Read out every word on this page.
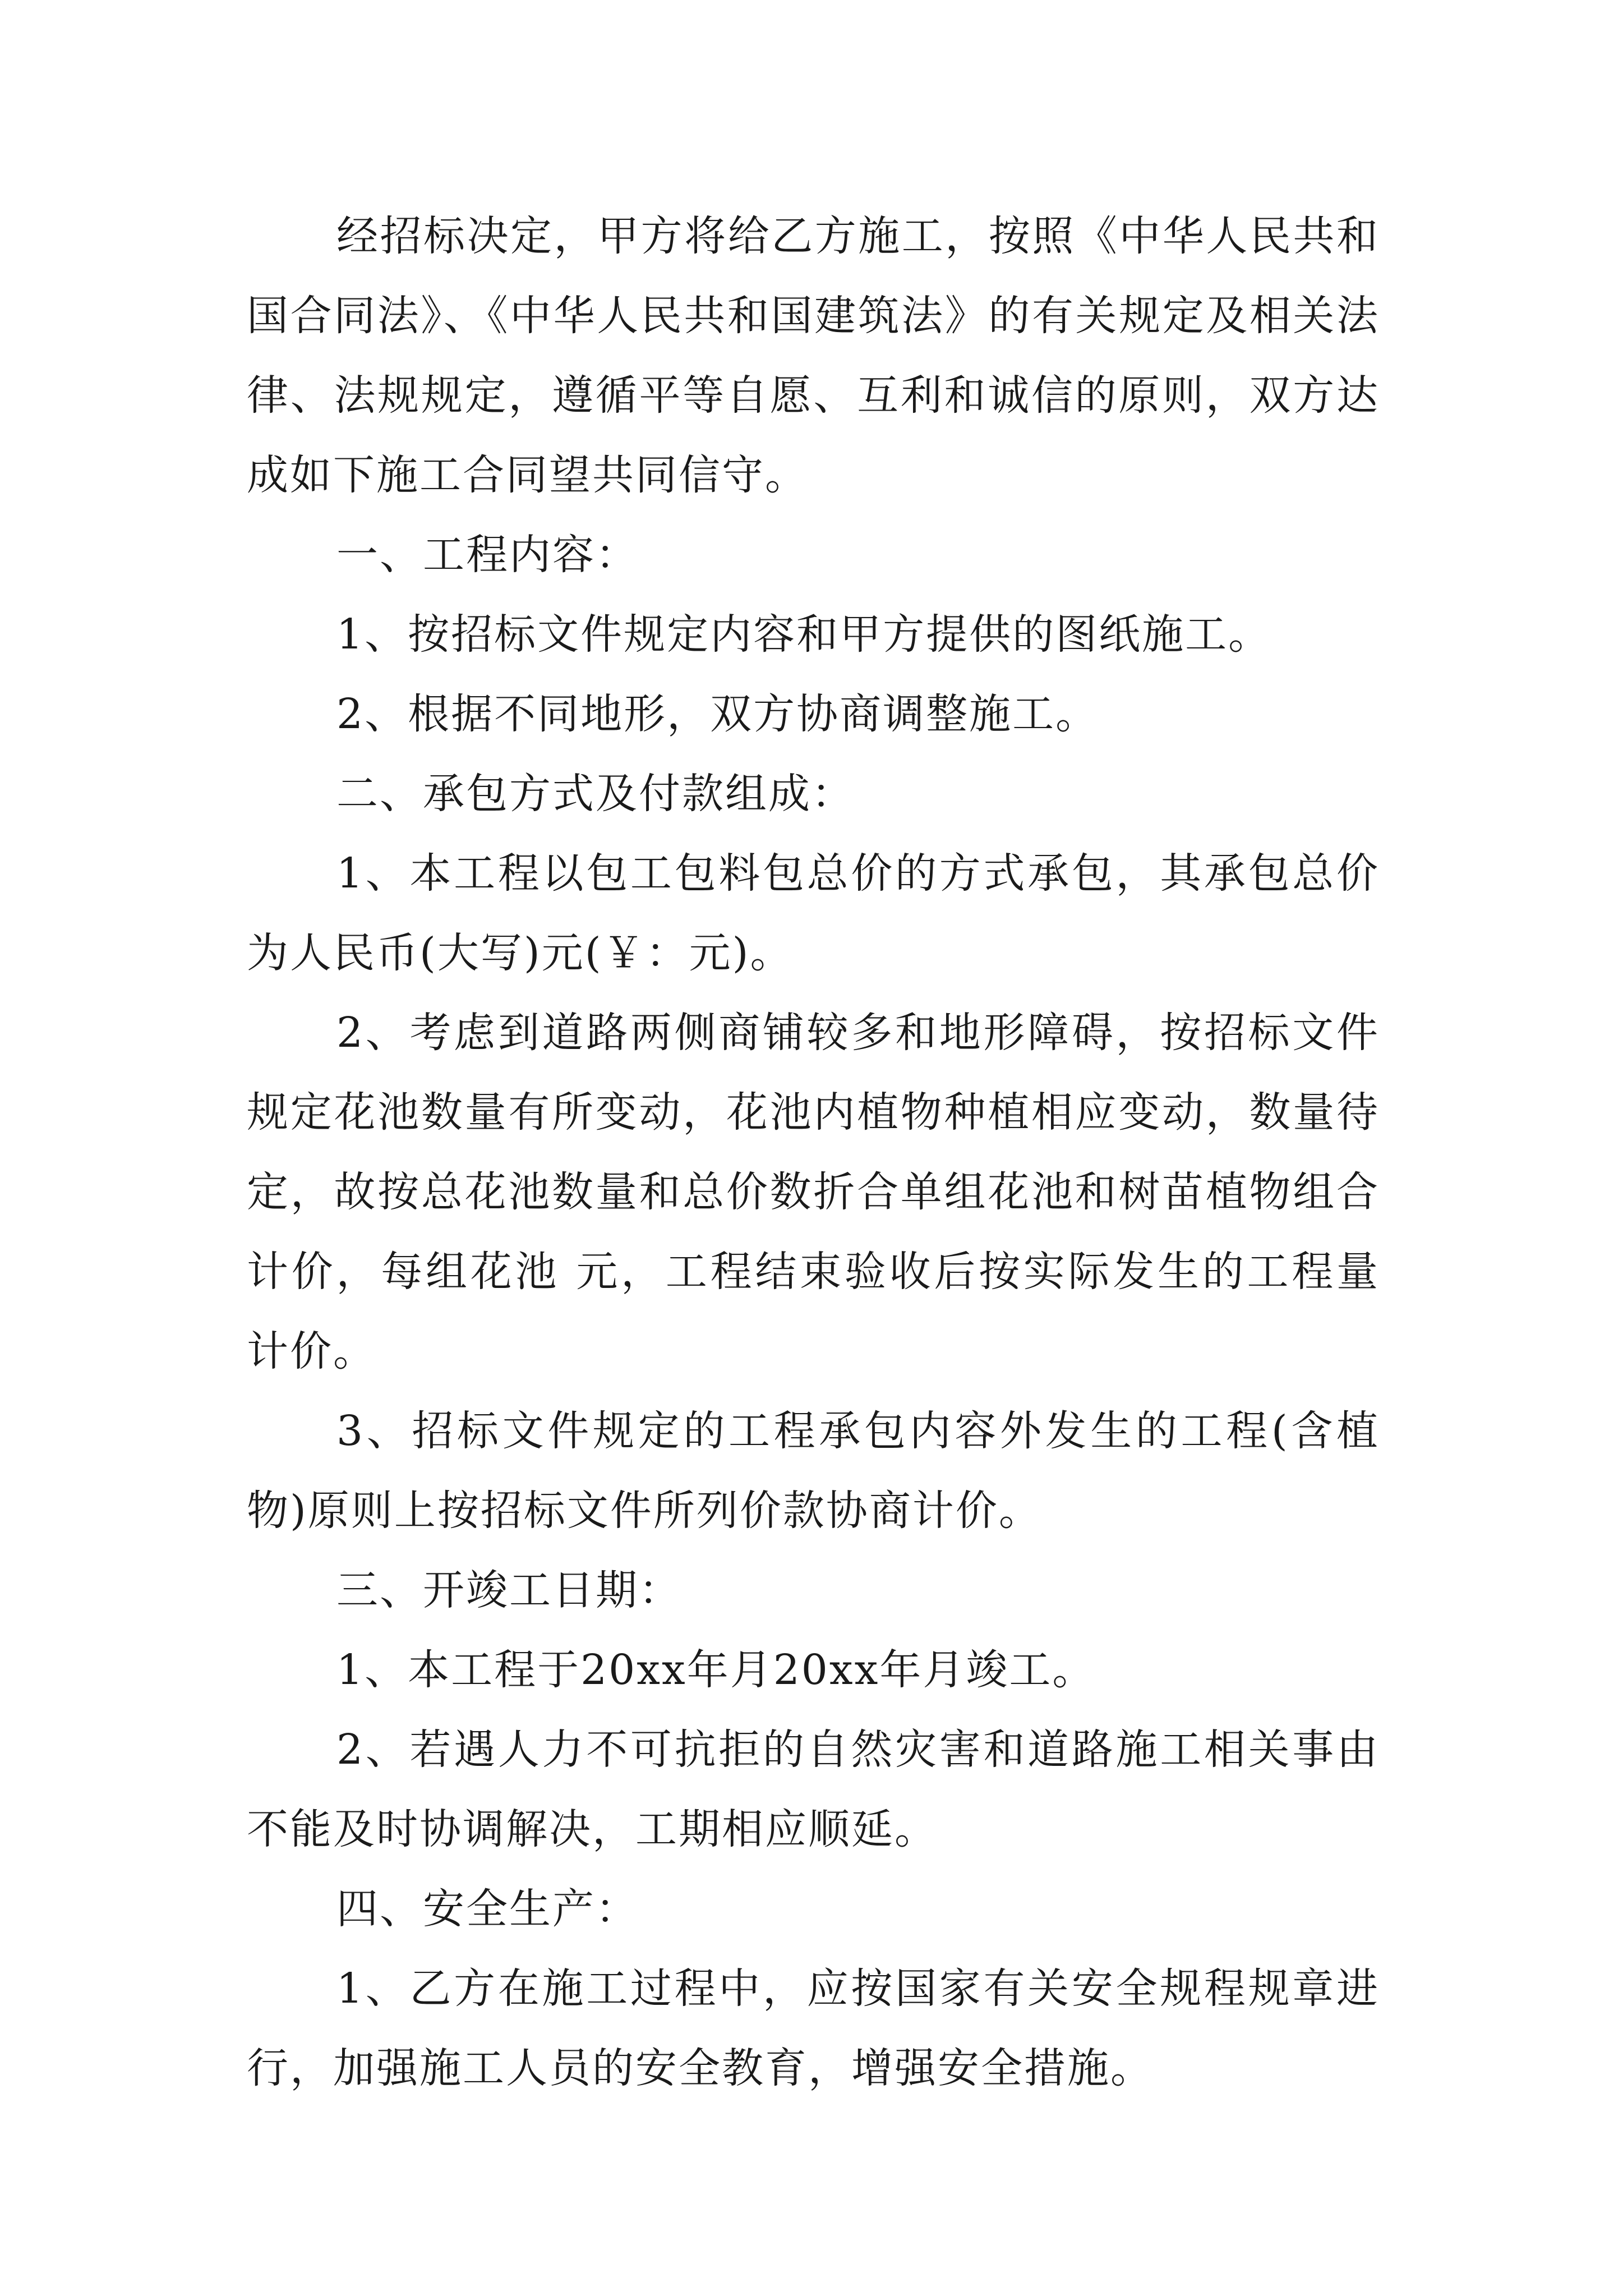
经招标决定，甲方将给乙方施工，按照《中华人民共和国合同法》、《中华人民共和国建筑法》的有关规定及相关法律、法规规定，遵循平等自愿、互利和诚信的原则，双方达成如下施工合同望共同信守。

一、工程内容：

1、按招标文件规定内容和甲方提供的图纸施工。

2、根据不同地形，双方协商调整施工。

二、承包方式及付款组成：

1、本工程以包工包料包总价的方式承包，其承包总价为人民币(大写)元(￥：元)。

2、考虑到道路两侧商铺较多和地形障碍，按招标文件规定花池数量有所变动，花池内植物种植相应变动，数量待定，故按总花池数量和总价数折合单组花池和树苗植物组合计价，每组花池 元，工程结束验收后按实际发生的工程量计价。

3、招标文件规定的工程承包内容外发生的工程(含植物)原则上按招标文件所列价款协商计价。

三、开竣工日期：

1、本工程于20xx年月20xx年月竣工。

2、若遇人力不可抗拒的自然灾害和道路施工相关事由不能及时协调解决，工期相应顺延。

四、安全生产：

1、乙方在施工过程中，应按国家有关安全规程规章进行，加强施工人员的安全教育，增强安全措施。
